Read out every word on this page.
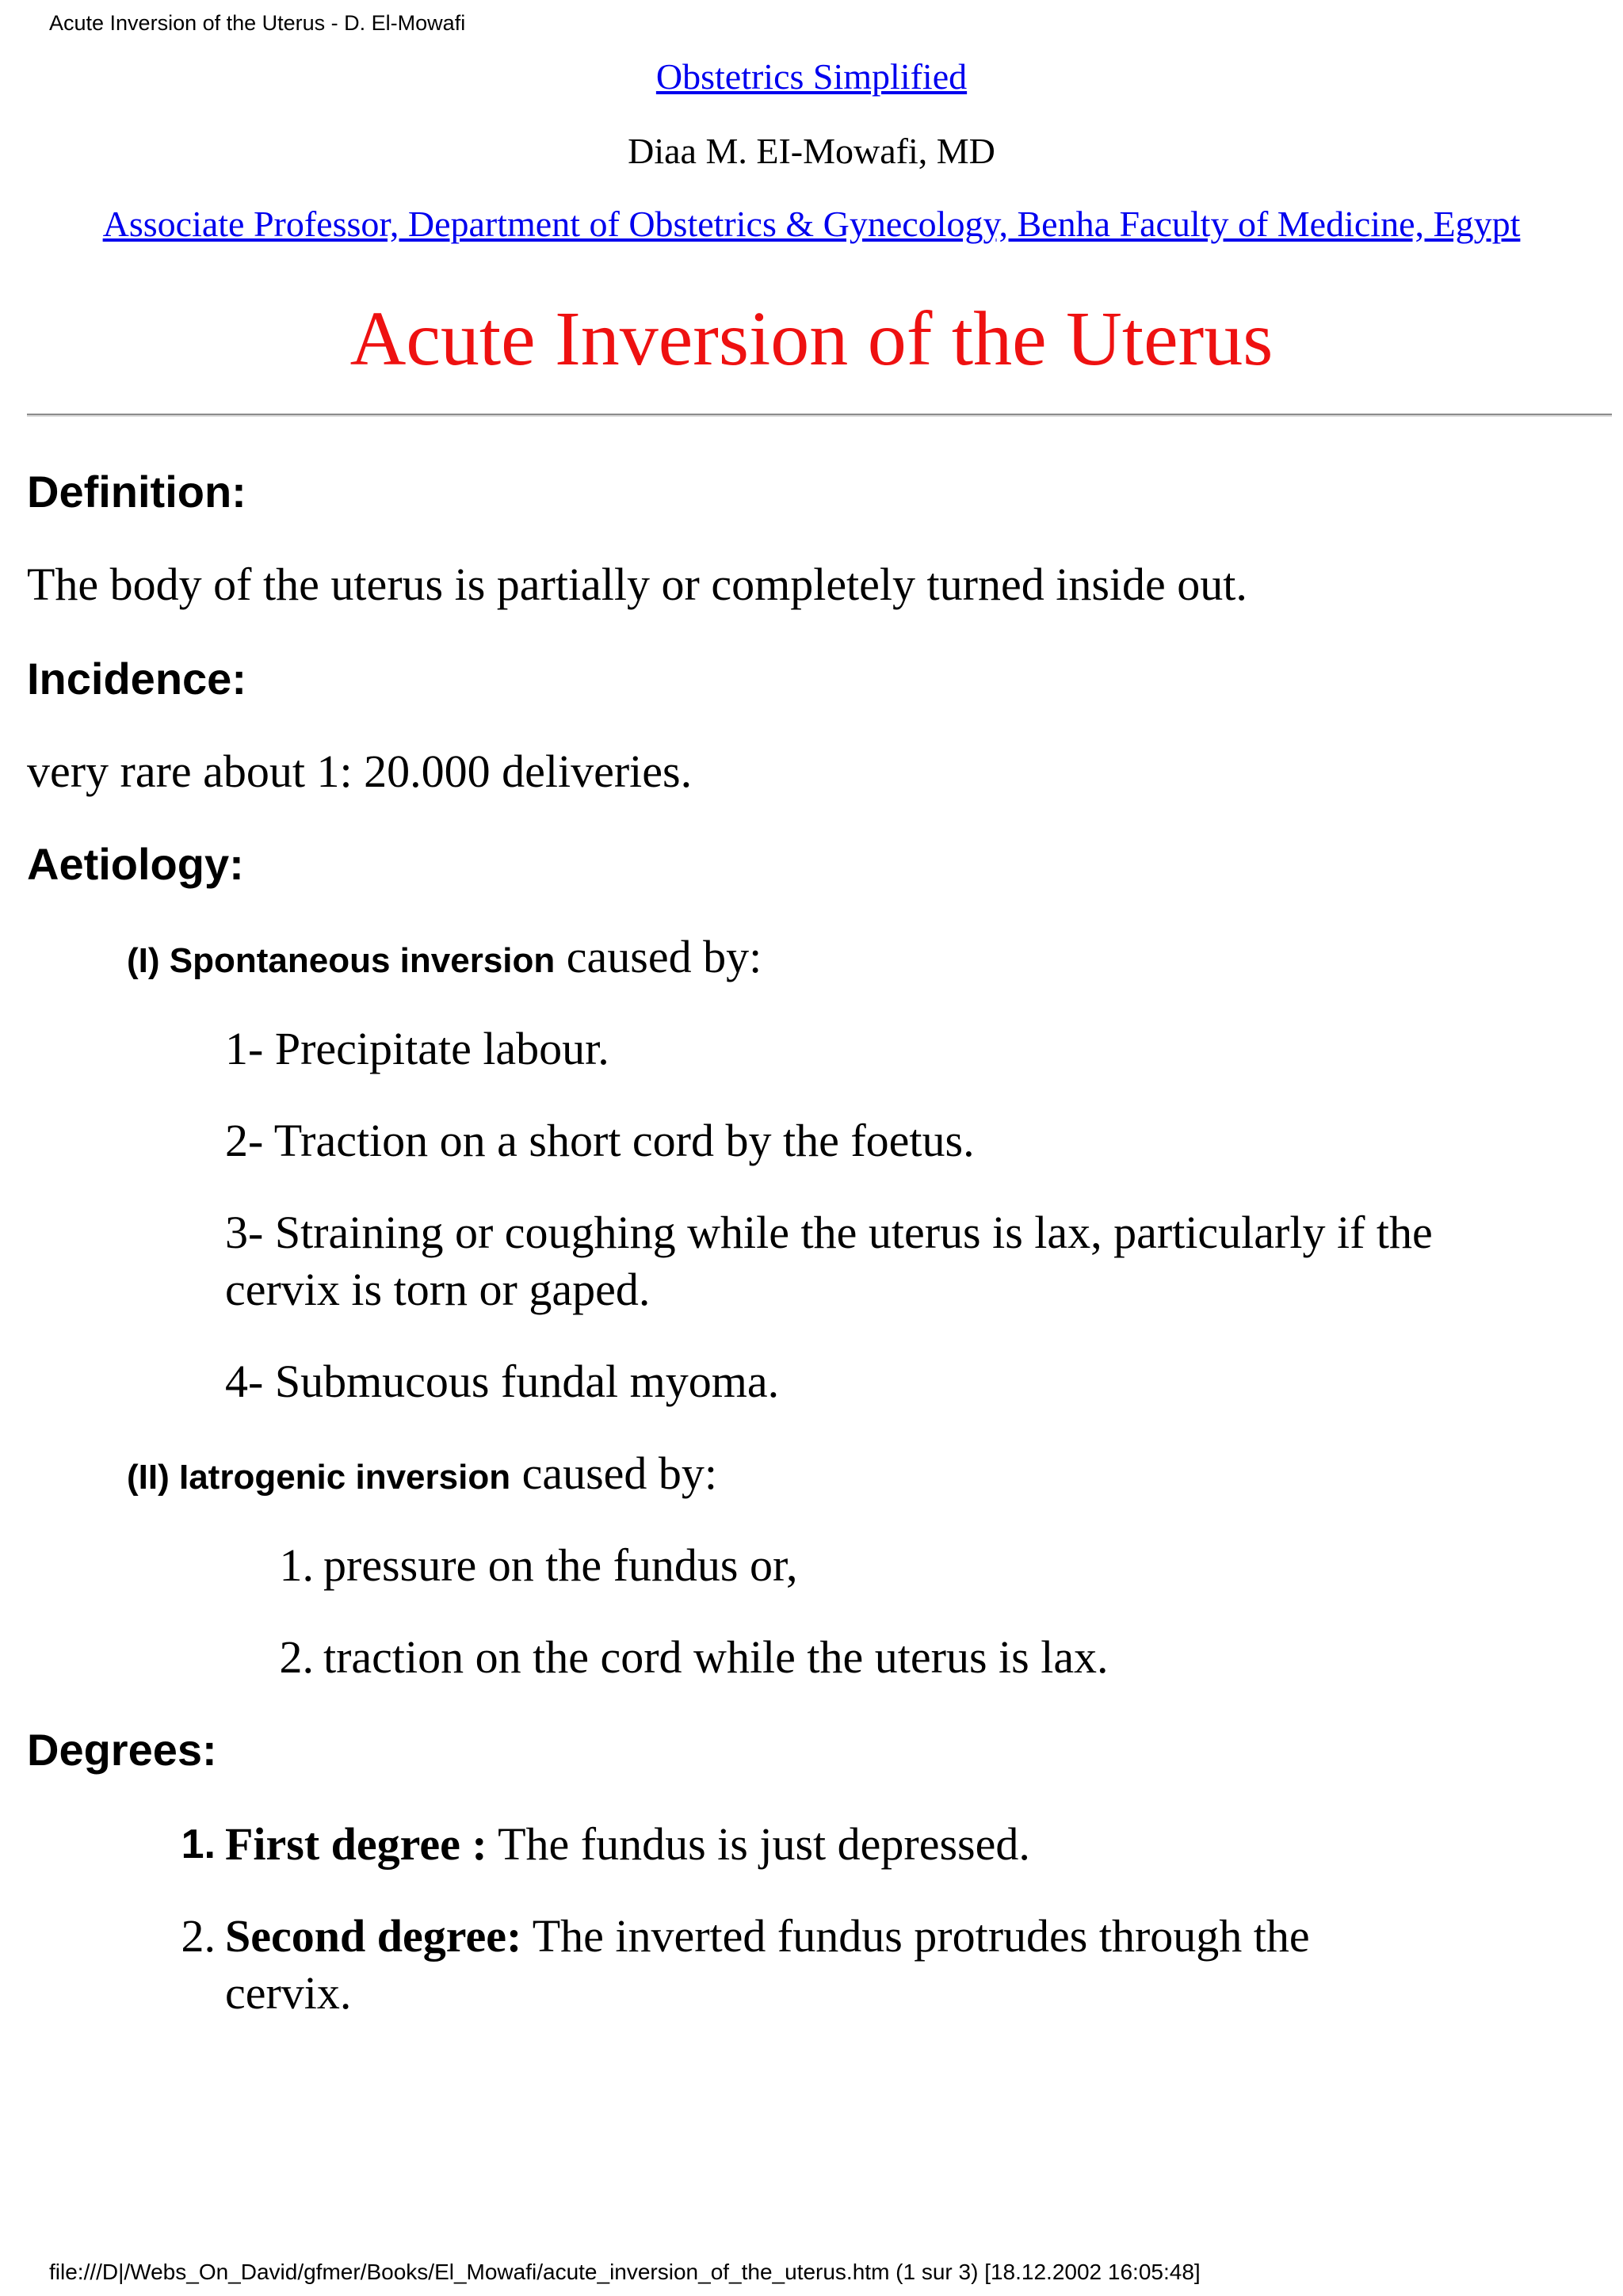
Acute Inversion of the Uterus - D. El-Mowafi
Obstetrics Simplified
Diaa M. EI-Mowafi, MD
Associate Professor, Department of Obstetrics & Gynecology, Benha Faculty of Medicine, Egypt
Acute Inversion of the Uterus
Definition:

The body of the uterus is partially or completely turned inside out.

Incidence:

very rare about 1: 20.000 deliveries.

Aetiology:

(I) Spontaneous inversion caused by:

1- Precipitate labour.

2- Traction on a short cord by the foetus.

3- Straining or coughing while the uterus is lax, particularly if the cervix is torn or gaped.

4- Submucous fundal myoma.

(II) Iatrogenic inversion caused by:

1. pressure on the fundus or,
2. traction on the cord while the uterus is lax.
Degrees:
1. First degree : The fundus is just depressed.
2. Second degree: The inverted fundus protrudes through the cervix.
file:///D|/Webs_On_David/gfmer/Books/El_Mowafi/acute_inversion_of_the_uterus.htm (1 sur 3) [18.12.2002 16:05:48]
